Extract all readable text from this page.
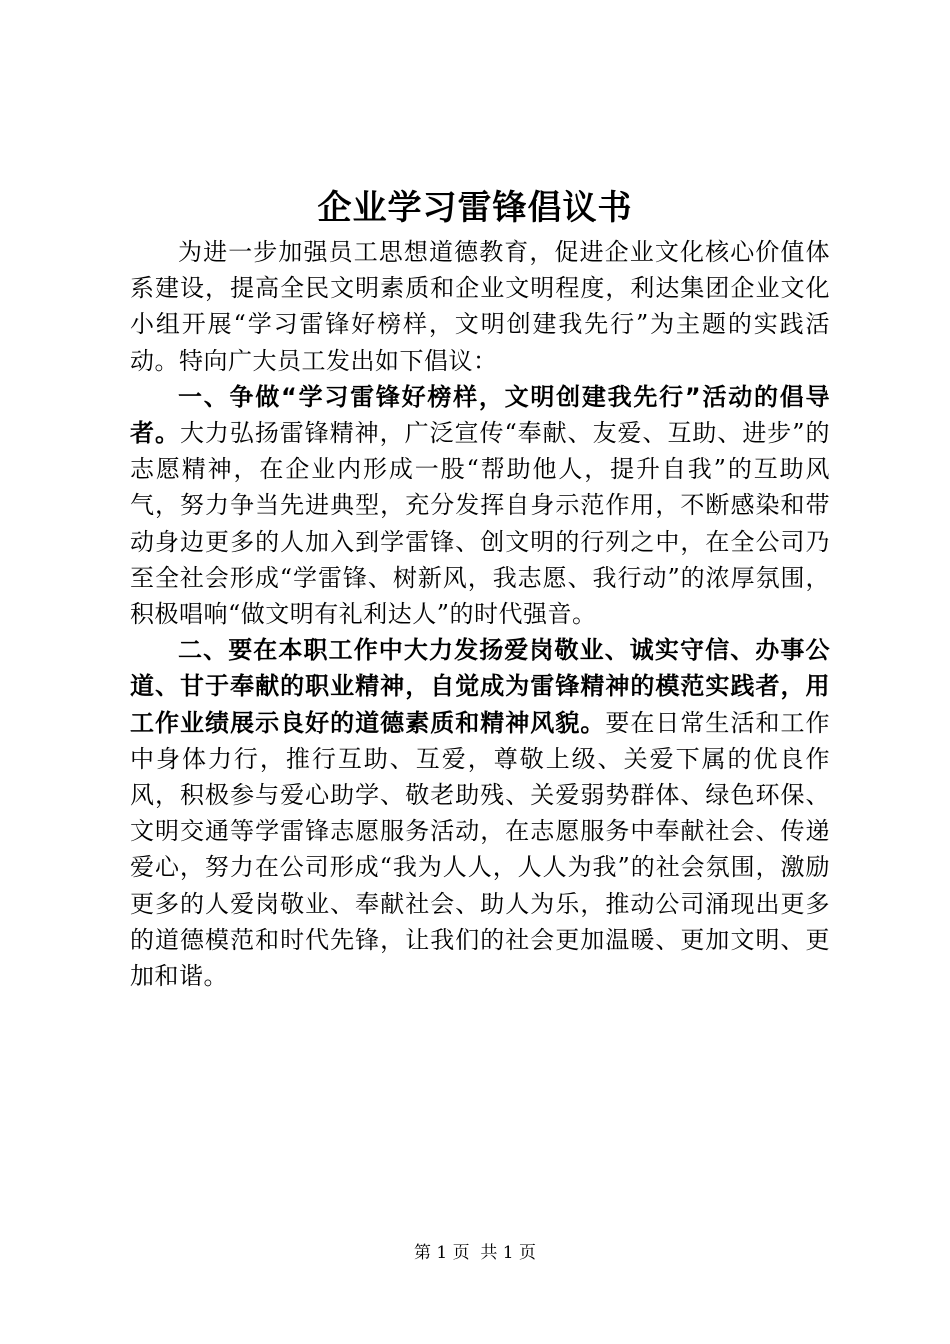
企业学习雷锋倡议书

为进一步加强员工思想道德教育，促进企业文化核心价值体系建设，提高全民文明素质和企业文明程度，利达集团企业文化小组开展“学习雷锋好榜样，文明创建我先行”为主题的实践活动。特向广大员工发出如下倡议：

一、争做“学习雷锋好榜样，文明创建我先行”活动的倡导者。大力弘扬雷锋精神，广泛宣传“奉献、友爱、互助、进步”的志愿精神，在企业内形成一股“帮助他人，提升自我”的互助风气，努力争当先进典型，充分发挥自身示范作用，不断感染和带动身边更多的人加入到学雷锋、创文明的行列之中，在全公司乃至全社会形成“学雷锋、树新风，我志愿、我行动”的浓厚氛围，积极唱响“做文明有礼利达人”的时代强音。

二、要在本职工作中大力发扬爱岗敬业、诚实守信、办事公道、甘于奉献的职业精神，自觉成为雷锋精神的模范实践者，用工作业绩展示良好的道德素质和精神风貌。要在日常生活和工作中身体力行，推行互助、互爱，尊敬上级、关爱下属的优良作风，积极参与爱心助学、敬老助残、关爱弱势群体、绿色环保、文明交通等学雷锋志愿服务活动，在志愿服务中奉献社会、传递爱心，努力在公司形成“我为人人，人人为我”的社会氛围，激励更多的人爱岗敬业、奉献社会、助人为乐，推动公司涌现出更多的道德模范和时代先锋，让我们的社会更加温暖、更加文明、更加和谐。

第 1 页  共 1 页
